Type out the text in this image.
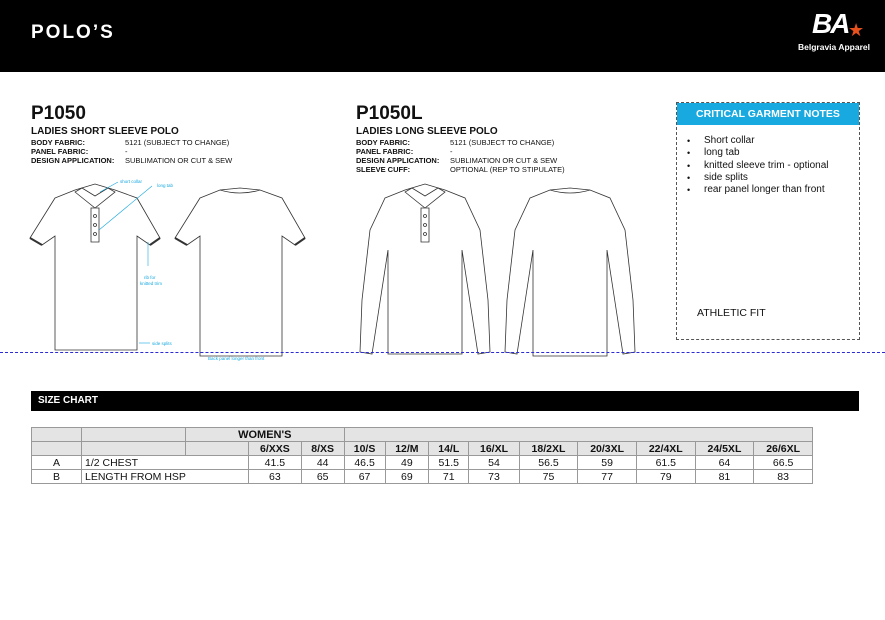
POLO’S	BA ★
Belgravia Apparel
P1050
LADIES SHORT SLEEVE POLO
BODY FABRIC:	5121 (SUBJECT TO CHANGE)
PANEL FABRIC:	-
DESIGN APPLICATION:	SUBLIMATION OR CUT & SEW
P1050L
LADIES LONG SLEEVE POLO
BODY FABRIC:	5121 (SUBJECT TO CHANGE)
PANEL FABRIC:	-
DESIGN APPLICATION:	SUBLIMATION OR CUT & SEW
SLEEVE CUFF:	OPTIONAL (REP TO STIPULATE)
short collar
long tab
rib for
knitted trim
side splits
Back panel longer than front
CRITICAL GARMENT NOTES
• Short collar
• long tab
• knitted sleeve trim - optional
• side splits
• rear panel longer than front
ATHLETIC FIT
SIZE CHART
		WOMEN'S											
			6/XXS	8/XS	10/S	12/M	14/L	16/XL	18/2XL	20/3XL	22/4XL	24/5XL	26/6XL
A	1/2 CHEST		41.5	44	46.5	49	51.5	54	56.5	59	61.5	64	66.5
B	LENGTH FROM HSP		63	65	67	69	71	73	75	77	79	81	83
